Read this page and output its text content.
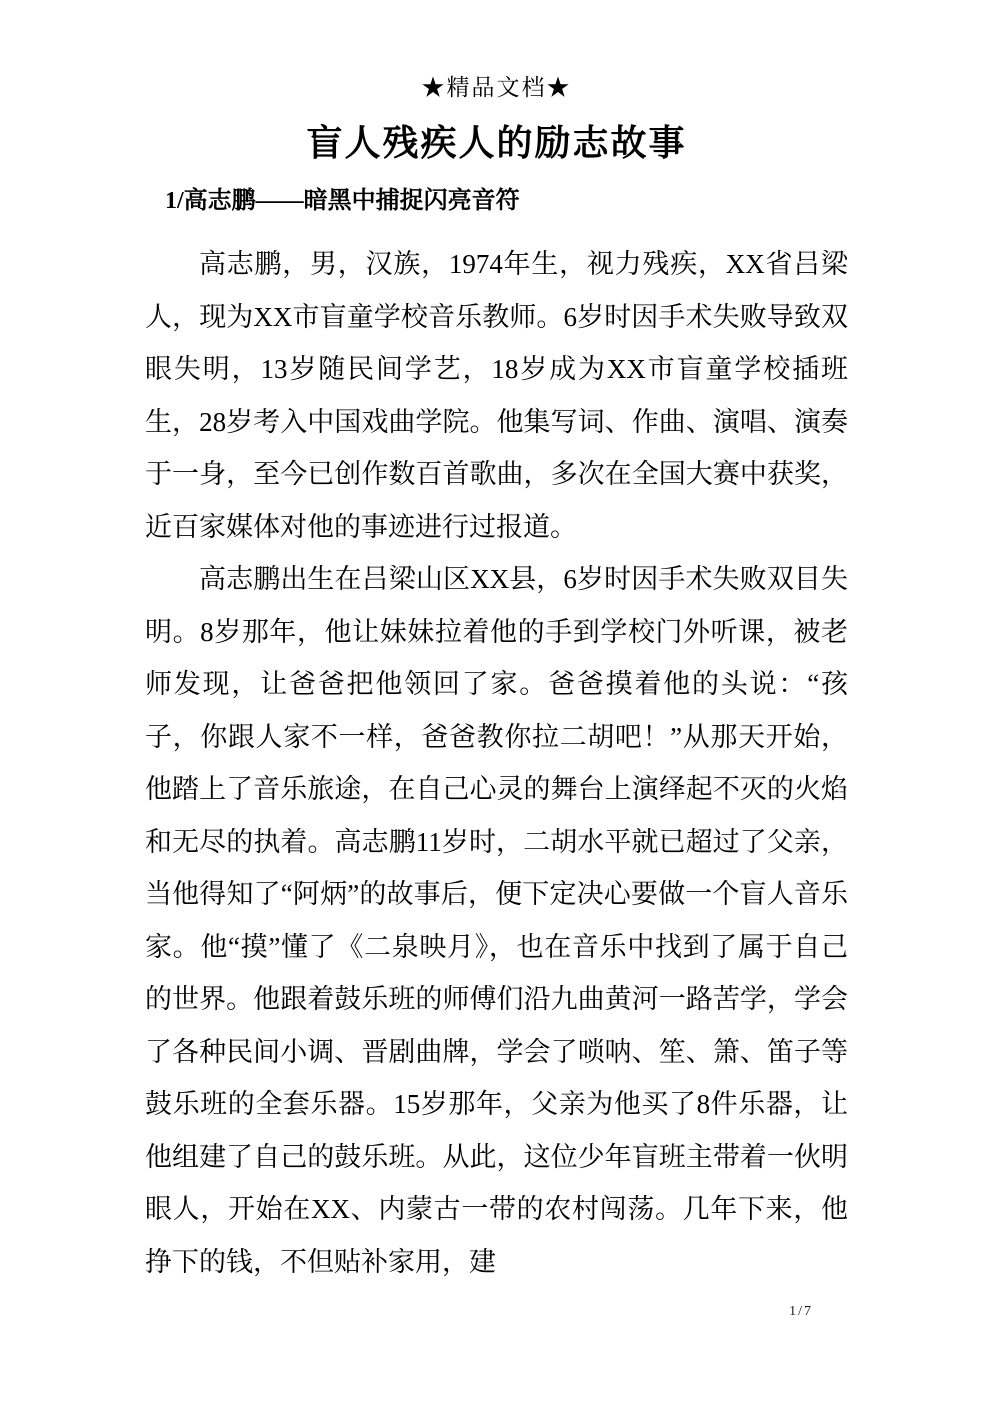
★精品文档★
盲人残疾人的励志故事
1/高志鹏——暗黑中捕捉闪亮音符

高志鹏，男，汉族，1974年生，视力残疾，XX省吕梁人，现为XX市盲童学校音乐教师。6岁时因手术失败导致双眼失明，13岁随民间学艺，18岁成为XX市盲童学校插班生，28岁考入中国戏曲学院。他集写词、作曲、演唱、演奏于一身，至今已创作数百首歌曲，多次在全国大赛中获奖，近百家媒体对他的事迹进行过报道。

高志鹏出生在吕梁山区XX县，6岁时因手术失败双目失明。8岁那年，他让妹妹拉着他的手到学校门外听课，被老师发现，让爸爸把他领回了家。爸爸摸着他的头说：“孩子，你跟人家不一样，爸爸教你拉二胡吧！”从那天开始，他踏上了音乐旅途，在自己心灵的舞台上演绎起不灭的火焰和无尽的执着。高志鹏11岁时，二胡水平就已超过了父亲，当他得知了“阿炳”的故事后，便下定决心要做一个盲人音乐家。他“摸”懂了《二泉映月》，也在音乐中找到了属于自己的世界。他跟着鼓乐班的师傅们沿九曲黄河一路苦学，学会了各种民间小调、晋剧曲牌，学会了唢呐、笙、箫、笛子等鼓乐班的全套乐器。15岁那年，父亲为他买了8件乐器，让他组建了自己的鼓乐班。从此，这位少年盲班主带着一伙明眼人，开始在XX、内蒙古一带的农村闯荡。几年下来，他挣下的钱，不但贴补家用，建

1/7
